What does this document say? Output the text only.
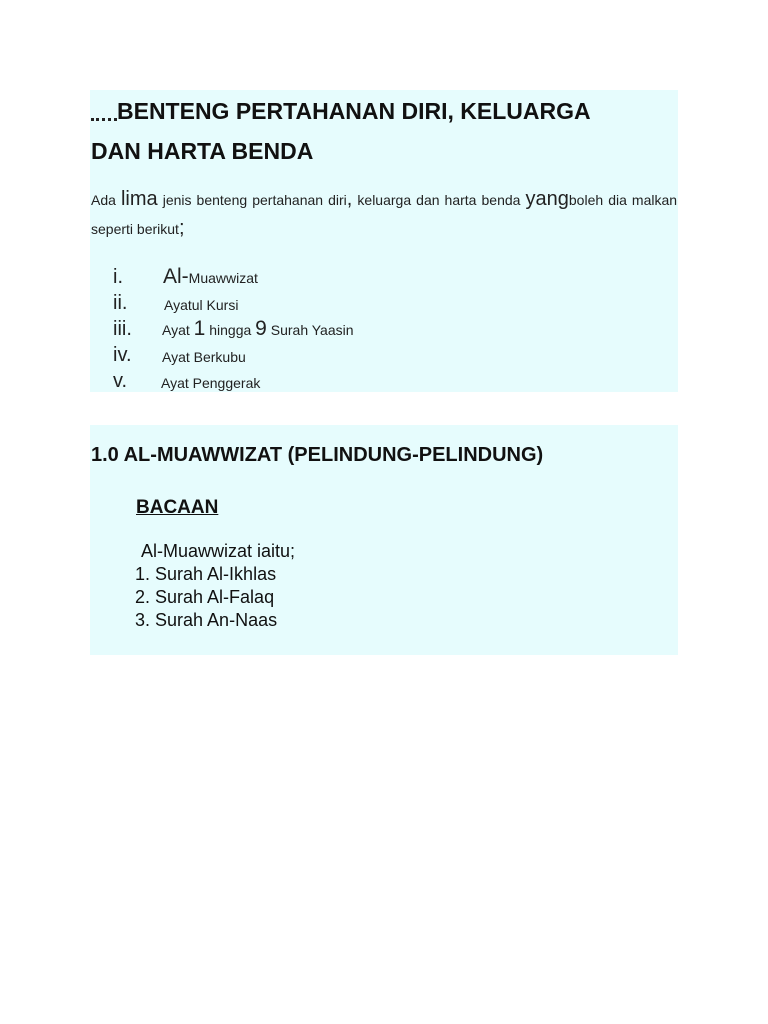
BENTENG PERTAHANAN DIRI, KELUARGA
DAN HARTA BENDA
Ada lima jenis benteng pertahanan diri, keluarga dan harta benda yangboleh dia malkan seperti berikut;
i. Al-Muawwizat
ii.	Ayatul Kursi
iii. Ayat 1 hingga 9 Surah Yaasin
iv. Ayat Berkubu
v. Ayat Penggerak
1.0 AL-MUAWWIZAT (PELINDUNG-PELINDUNG)
BACAAN
Al-Muawwizat iaitu;
1. Surah Al-Ikhlas
2. Surah Al-Falaq
3. Surah An-Naas
